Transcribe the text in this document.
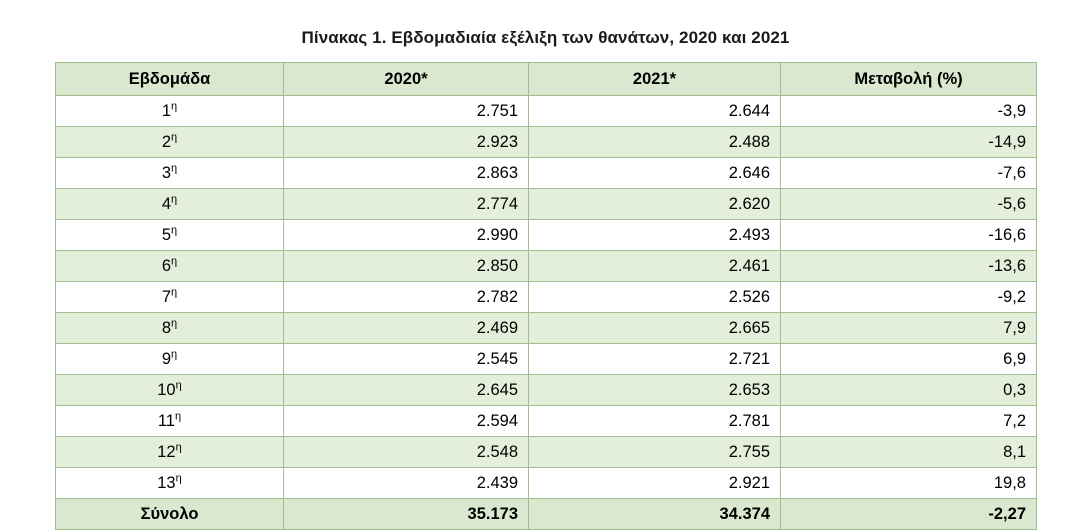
Πίνακας 1. Εβδομαδιαία εξέλιξη των θανάτων, 2020 και 2021
Εβδομάδα	2020*	2021*	Μεταβολή (%)
$1^\eta$	2.751	2.644	-3,9
$2^\eta$	2.923	2.488	-14,9
$3^\eta$	2.863	2.646	-7,6
$4^\eta$	2.774	2.620	-5,6
$5^\eta$	2.990	2.493	-16,6
$6^\eta$	2.850	2.461	-13,6
$7^\eta$	2.782	2.526	-9,2
$8^\eta$	2.469	2.665	7,9
$9^\eta$	2.545	2.721	6,9
$10^\eta$	2.645	2.653	0,3
$11^\eta$	2.594	2.781	7,2
$12^\eta$	2.548	2.755	8,1
$13^\eta$	2.439	2.921	19,8
Σύνολο	35.173	34.374	-2,27
